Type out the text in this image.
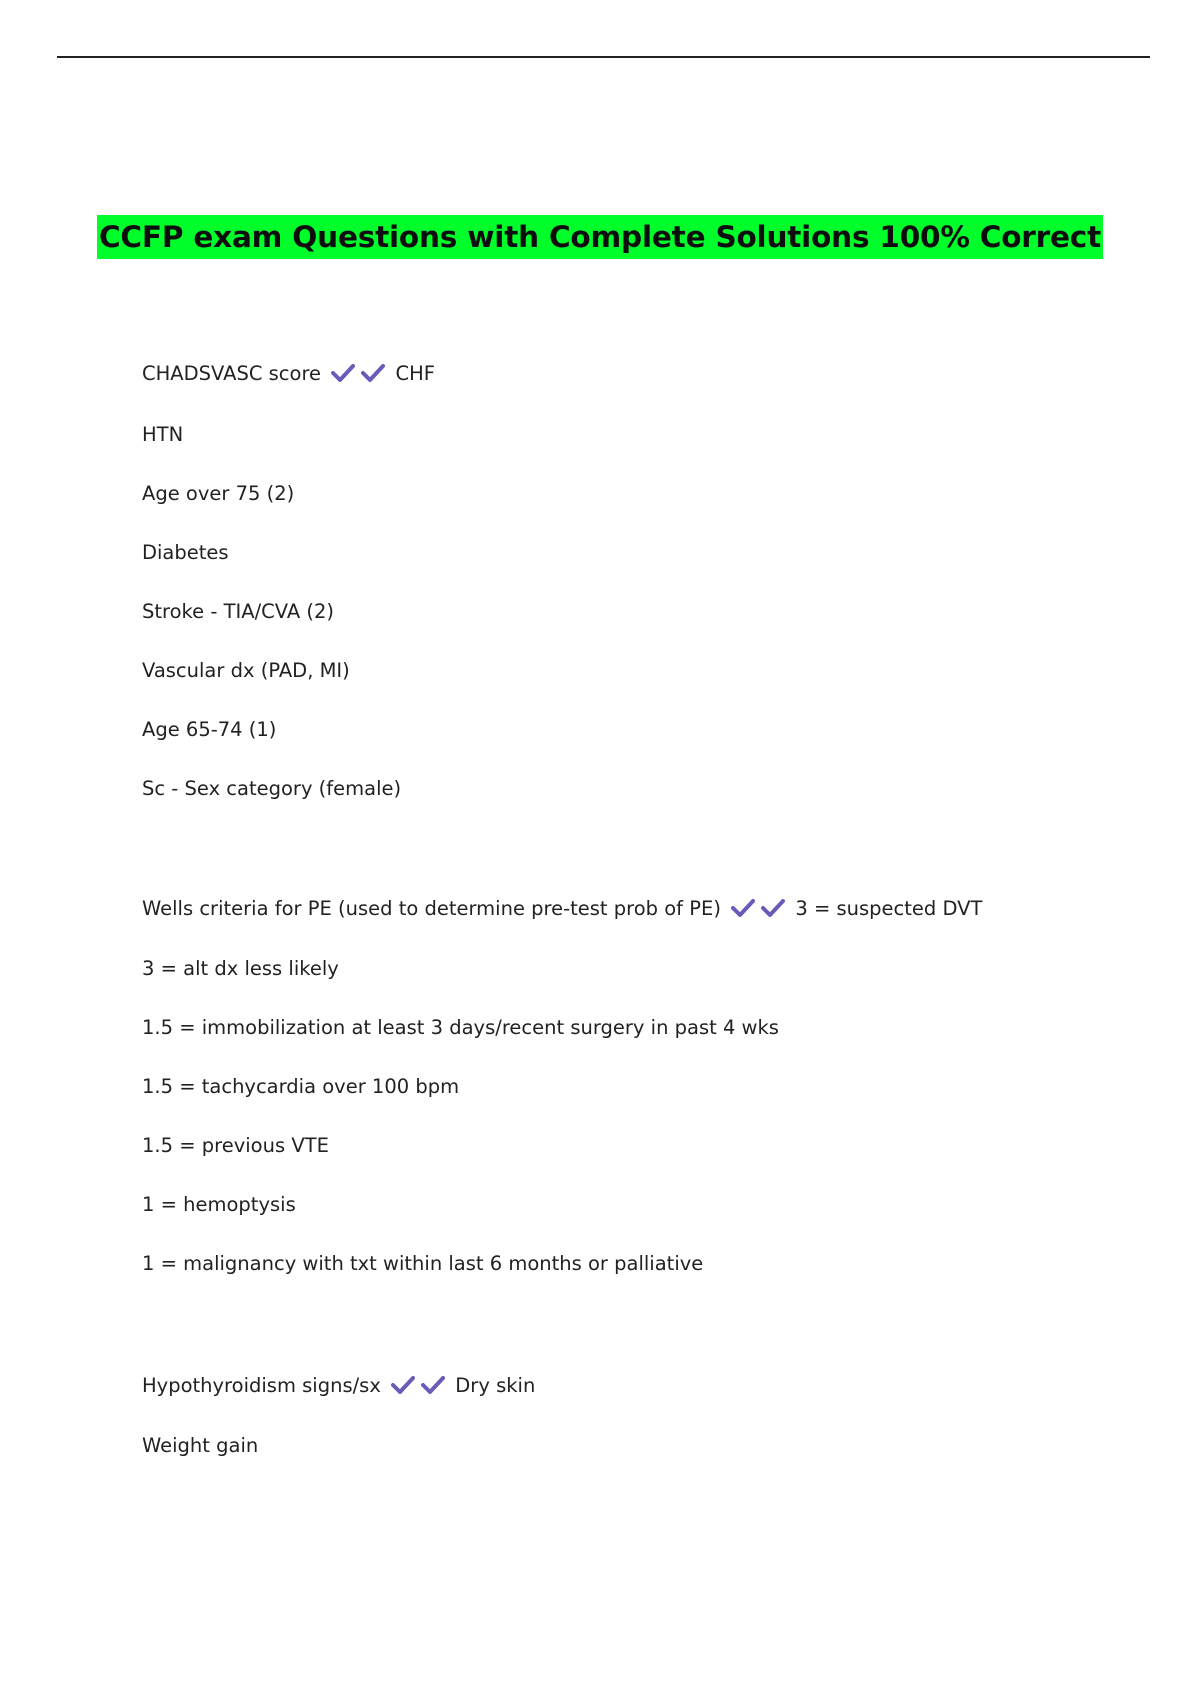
CCFP exam Questions with Complete Solutions 100% Correct
CHADSVASC score	CHF
HTN
Age over 75 (2)
Diabetes
Stroke - TIA/CVA (2)
Vascular dx (PAD, MI)
Age 65-74 (1)
Sc - Sex category (female)
Wells criteria for PE (used to determine pre-test prob of PE)	3 = suspected DVT
3 = alt dx less likely
1.5 = immobilization at least 3 days/recent surgery in past 4 wks
1.5 = tachycardia over 100 bpm
1.5 = previous VTE
1 = hemoptysis
1 = malignancy with txt within last 6 months or palliative
Hypothyroidism signs/sx	Dry skin
Weight gain
